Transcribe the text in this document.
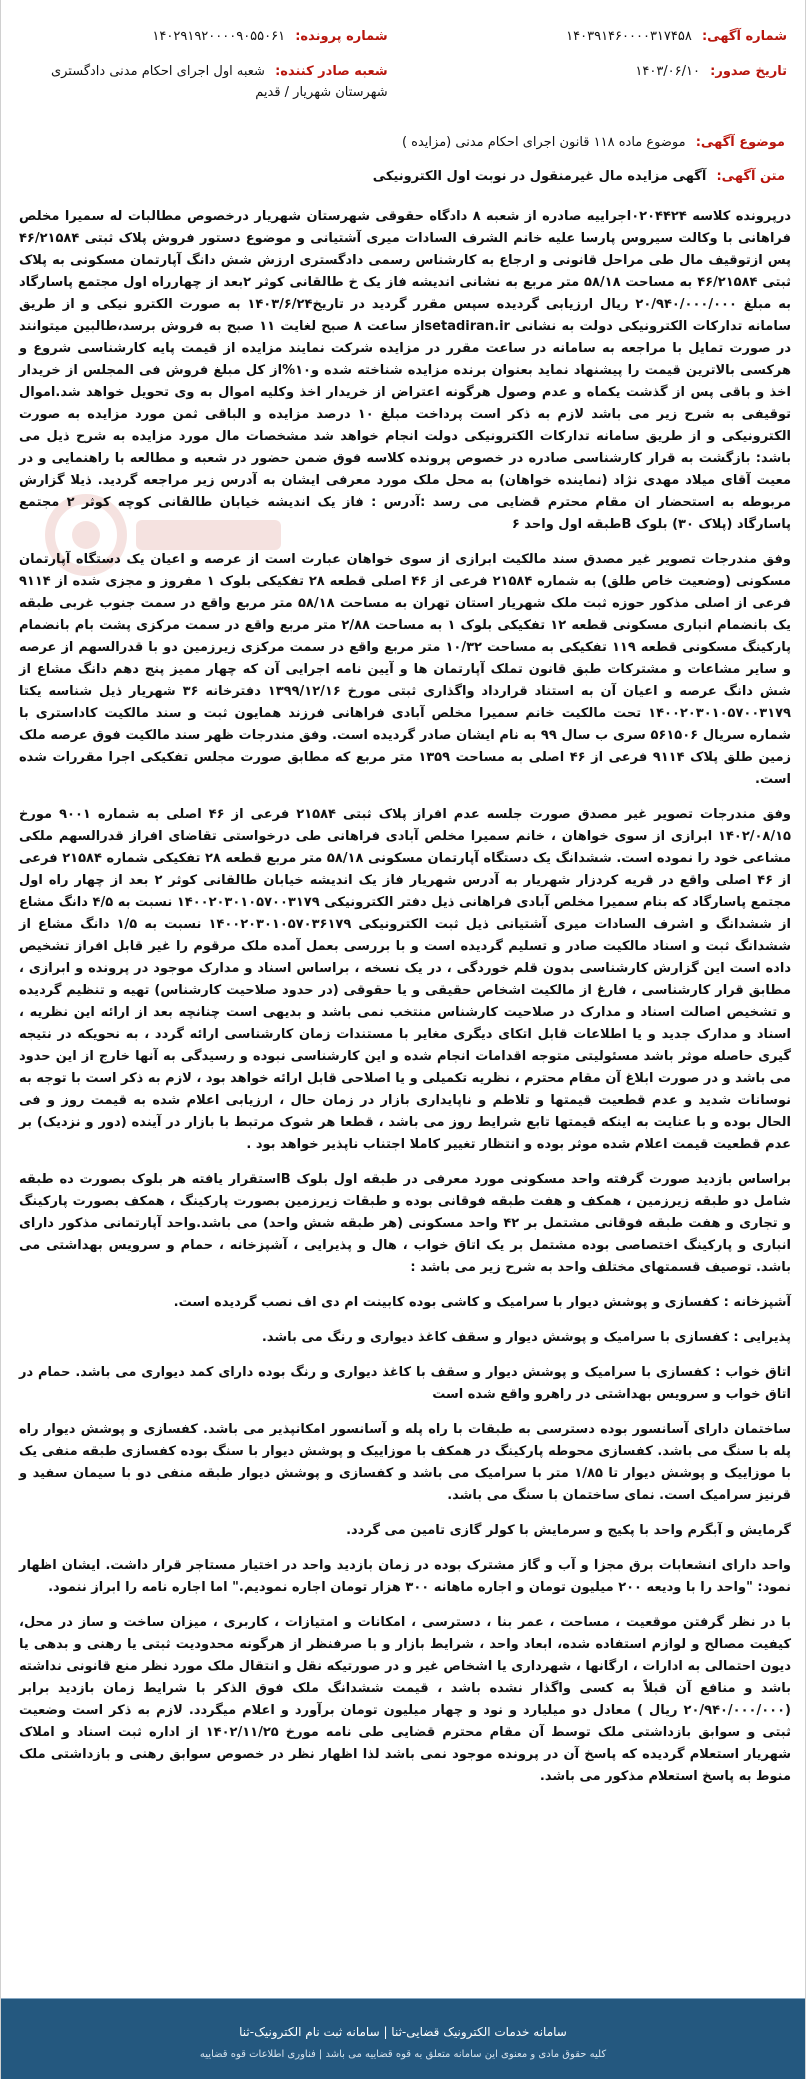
شماره آگهی: ۱۴۰۳۹۱۴۶۰۰۰۰۳۱۷۴۵۸
تاریخ صدور: ۱۴۰۳/۰۶/۱۰
شماره پرونده: ۱۴۰۲۹۱۹۲۰۰۰۰۹۰۵۵۰۶۱
شعبه صادر کننده: شعبه اول اجرای احکام مدنی دادگستری شهرستان شهریار / قدیم
موضوع آگهی: موضوع ماده ۱۱۸ قانون اجرای احکام مدنی (مزایده )
متن آگهی: آگهی مزایده مال غیرمنقول در نوبت اول الکترونیکی

درپرونده کلاسه ۰۲۰۴۴۲۴اجراییه صادره از شعبه ۸ دادگاه حقوقی شهرستان شهریار درخصوص مطالبات له سمیرا مخلص فراهانی با وکالت سیروس پارسا علیه خانم الشرف السادات میری آشتیانی و موضوع دستور فروش پلاک ثبتی ۴۶/۲۱۵۸۴ پس ازتوقیف مال طی مراحل قانونی و ارجاع به کارشناس رسمی دادگستری ارزش شش دانگ آپارتمان مسکونی به پلاک ثبتی ۴۶/۲۱۵۸۴ به مساحت ۵۸/۱۸ متر مربع به نشانی اندیشه فاز یک خ طالقانی کوثر ۲بعد از چهارراه اول مجتمع پاسارگاد به مبلغ ۲۰/۹۴۰/۰۰۰/۰۰۰ ریال ارزیابی گردیده سپس مقرر گردید در تاریخ۱۴۰۳/۶/۲۴ به صورت الکترو نیکی و از طریق سامانه تدارکات الکترونیکی دولت به نشانی setadiran.irاز ساعت ۸ صبح لغایت ۱۱ صبح به فروش برسد،طالبین میتوانند در صورت تمایل با مراجعه به سامانه در ساعت مقرر در مزایده شرکت نمایند مزایده از قیمت پایه کارشناسی شروع و هرکسی بالاترین قیمت را پیشنهاد نماید بعنوان برنده مزایده شناخته شده و۱۰%از کل مبلغ فروش فی المجلس از خریدار اخذ و باقی پس از گذشت یکماه و عدم وصول هرگونه اعتراض از خریدار اخذ وکلیه اموال به وی تحویل خواهد شد.اموال توقیفی به شرح زیر می باشد لازم به ذکر است پرداخت مبلغ ۱۰ درصد مزایده و الباقی ثمن مورد مزایده به صورت الکترونیکی و از طریق سامانه تدارکات الکترونیکی دولت انجام خواهد شد مشخصات مال مورد مزایده به شرح ذیل می باشد: بازگشت به قرار کارشناسی صادره در خصوص پرونده کلاسه فوق ضمن حضور در شعبه و مطالعه با راهنمایی و در معیت آقای میلاد مهدی نژاد (نماینده خواهان) به محل ملک مورد معرفی ایشان به آدرس زیر مراجعه گردید. ذیلا گزارش مربوطه به استحضار ان مقام محترم قضایی می رسد :آدرس : فاز یک اندیشه خیابان طالقانی کوچه کوثر ۲ مجتمع پاسارگاد (پلاک ۳۰) بلوک Bطبقه اول واحد ۶

وفق مندرجات تصویر غیر مصدق سند مالکیت ابرازی از سوی خواهان عبارت است از عرصه و اعیان یک دستگاه آپارتمان مسکونی (وضعیت خاص طلق) به شماره ۲۱۵۸۴ فرعی از ۴۶ اصلی قطعه ۲۸ تفکیکی بلوک ۱ مفروز و مجزی شده از ۹۱۱۴ فرعی از اصلی مذکور حوزه ثبت ملک شهریار استان تهران به مساحت ۵۸/۱۸ متر مربع واقع در سمت جنوب غربی طبقه یک بانضمام انباری مسکونی قطعه ۱۲ تفکیکی بلوک ۱ به مساحت ۲/۸۸ متر مربع واقع در سمت مرکزی پشت بام بانضمام پارکینگ مسکونی قطعه ۱۱۹ تفکیکی به مساحت ۱۰/۳۲ متر مربع واقع در سمت مرکزی زیرزمین دو با قدرالسهم از عرصه و سایر مشاعات و مشترکات طبق قانون تملک آپارتمان ها و آیین نامه اجرایی آن که چهار ممیز پنج دهم دانگ مشاع از شش دانگ عرصه و اعیان آن به استناد قرارداد واگذاری ثبتی مورخ ۱۳۹۹/۱۲/۱۶ دفترخانه ۳۶ شهریار ذیل شناسه یکتا ۱۴۰۰۲۰۳۰۱۰۵۷۰۰۳۱۷۹ تحت مالکیت خانم سمیرا مخلص آبادی فراهانی فرزند همایون ثبت و سند مالکیت کاداستری با شماره سریال ۵۶۱۵۰۶ سری ب سال ۹۹ به نام ایشان صادر گردیده است. وفق مندرجات ظهر سند مالکیت فوق عرصه ملک زمین طلق پلاک ۹۱۱۴ فرعی از ۴۶ اصلی به مساحت ۱۳۵۹ متر مربع که مطابق صورت مجلس تفکیکی اجرا مقررات شده است.

وفق مندرجات تصویر غیر مصدق صورت جلسه عدم افراز پلاک ثبتی ۲۱۵۸۴ فرعی از ۴۶ اصلی به شماره ۹۰۰۱ مورخ ۱۴۰۲/۰۸/۱۵ ابرازی از سوی خواهان ، خانم سمیرا مخلص آبادی فراهانی طی درخواستی تقاضای افراز قدرالسهم ملکی مشاعی خود را نموده است. ششدانگ یک دستگاه آپارتمان مسکونی ۵۸/۱۸ متر مربع قطعه ۲۸ تفکیکی شماره ۲۱۵۸۴ فرعی از ۴۶ اصلی واقع در قریه کردزار شهریار به آدرس شهریار فاز یک اندیشه خیابان طالقانی کوثر ۲ بعد از چهار راه اول مجتمع پاسارگاد که بنام سمیرا مخلص آبادی فراهانی ذیل دفتر الکترونیکی ۱۴۰۰۲۰۳۰۱۰۵۷۰۰۳۱۷۹ نسبت به ۴/۵ دانگ مشاع از ششدانگ و اشرف السادات میری آشتیانی ذیل ثبت الکترونیکی ۱۴۰۰۲۰۳۰۱۰۵۷۰۳۶۱۷۹ نسبت به ۱/۵ دانگ مشاع از ششدانگ ثبت و اسناد مالکیت صادر و تسلیم گردیده است و با بررسی بعمل آمده ملک مرقوم را غیر قابل افراز تشخیص داده است این گزارش کارشناسی بدون قلم خوردگی ، در یک نسخه ، براساس اسناد و مدارک موجود در پرونده و ابرازی ، مطابق قرار کارشناسی ، فارغ از مالکیت اشخاص حقیقی و یا حقوقی (در حدود صلاحیت کارشناس) تهیه و تنظیم گردیده و تشخیص اصالت اسناد و مدارک در صلاحیت کارشناس منتخب نمی باشد و بدیهی است چنانچه بعد از ارائه این نظریه ، اسناد و مدارک جدید و یا اطلاعات قابل اتکای دیگری مغایر با مستندات زمان کارشناسی ارائه گردد ، به نحویکه در نتیجه گیری حاصله موثر باشد مسئولیتی متوجه اقدامات انجام شده و این کارشناسی نبوده و رسیدگی به آنها خارج از این حدود می باشد و در صورت ابلاغ آن مقام محترم ، نظریه تکمیلی و یا اصلاحی قابل ارائه خواهد بود ، لازم به ذکر است با توجه به نوسانات شدید و عدم قطعیت قیمتها و تلاطم و ناپایداری بازار در زمان حال ، ارزیابی اعلام شده به قیمت روز و فی الحال بوده و با عنایت به اینکه قیمتها تابع شرایط روز می باشد ، قطعا هر شوک مرتبط با بازار در آینده (دور و نزدیک) بر عدم قطعیت قیمت اعلام شده موثر بوده و انتظار تغییر کاملا اجتناب ناپذیر خواهد بود .

براساس بازدید صورت گرفته واحد مسکونی مورد معرفی در طبقه اول بلوک Bاستقرار یافته هر بلوک بصورت ده طبقه شامل دو طبقه زیرزمین ، همکف و هفت طبقه فوقانی بوده و طبقات زیرزمین بصورت پارکینگ ، همکف بصورت پارکینگ و تجاری و هفت طبقه فوقانی مشتمل بر ۴۲ واحد مسکونی (هر طبقه شش واحد) می باشد.واحد آپارتمانی مذکور دارای انباری و پارکینگ اختصاصی بوده مشتمل بر یک اتاق خواب ، هال و پذیرایی ، آشپزخانه ، حمام و سرویس بهداشتی می باشد. توصیف قسمتهای مختلف واحد به شرح زیر می باشد :

آشپزخانه : کفسازی و پوشش دیوار با سرامیک و کاشی بوده کابینت ام دی اف نصب گردیده است.

پذیرایی : کفسازی با سرامیک و پوشش دیوار و سقف کاغذ دیواری و رنگ می باشد.

اتاق خواب : کفسازی با سرامیک و پوشش دیوار و سقف با کاغذ دیواری و رنگ بوده دارای کمد دیواری می باشد. حمام در اتاق خواب و سرویس بهداشتی در راهرو واقع شده است

ساختمان دارای آسانسور بوده دسترسی به طبقات با راه پله و آسانسور امکانپذیر می باشد. کفسازی و پوشش دیوار راه پله با سنگ می باشد. کفسازی محوطه پارکینگ در همکف با موزاییک و پوشش دیوار با سنگ بوده کفسازی طبقه منفی یک با موزاییک و پوشش دیوار تا ۱/۸۵ متر با سرامیک می باشد و کفسازی و پوشش دیوار طبقه منفی دو با سیمان سفید و قرنیز سرامیک است. نمای ساختمان با سنگ می باشد.

گرمایش و آبگرم واحد با پکیج و سرمایش با کولر گازی تامین می گردد.

واحد دارای انشعابات برق مجزا و آب و گاز مشترک بوده در زمان بازدید واحد در اختیار مستاجر قرار داشت. ایشان اظهار نمود: "واحد را با ودیعه ۲۰۰ میلیون تومان و اجاره ماهانه ۳۰۰ هزار تومان اجاره نمودیم." اما اجاره نامه را ابراز ننمود.

با در نظر گرفتن موقعیت ، مساحت ، عمر بنا ، دسترسی ، امکانات و امتیازات ، کاربری ، میزان ساخت و ساز در محل، کیفیت مصالح و لوازم استفاده شده، ابعاد واحد ، شرایط بازار و با صرفنظر از هرگونه محدودیت ثبتی یا رهنی و بدهی یا دیون احتمالی به ادارات ، ارگانها ، شهرداری یا اشخاص غیر و در صورتیکه نقل و انتقال ملک مورد نظر منع قانونی نداشته باشد و منافع آن قبلاً به کسی واگذار نشده باشد ، قیمت ششدانگ ملک فوق الذکر با شرایط زمان بازدید برابر (۲۰/۹۴۰/۰۰۰/۰۰۰ ریال ) معادل دو میلیارد و نود و چهار میلیون تومان برآورد و اعلام میگردد. لازم به ذکر است وضعیت ثبتی و سوابق بازداشتی ملک توسط آن مقام محترم قضایی طی نامه مورخ ۱۴۰۲/۱۱/۲۵ از اداره ثبت اسناد و املاک شهریار استعلام گردیده که پاسخ آن در پرونده موجود نمی باشد لذا اظهار نظر در خصوص سوابق رهنی و بازداشتی ملک منوط به پاسخ استعلام مذکور می باشد.

سامانه خدمات الکترونیک قضایی-ثنا | سامانه ثبت نام الکترونیک-ثنا
کلیه حقوق مادی و معنوی این سامانه متعلق به قوه قضاییه می باشد | فناوری اطلاعات قوه قضاییه
